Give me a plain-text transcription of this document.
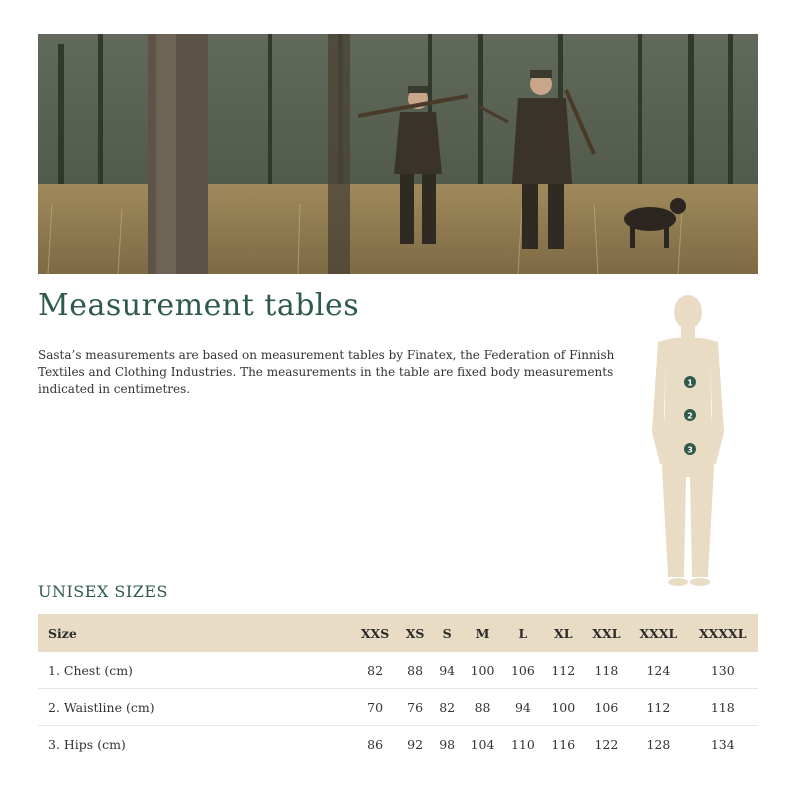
Measurement tables
Sasta’s measurements are based on measurement tables by Finatex, the Federation of Finnish Textiles and Clothing Industries. The measurements in the table are fixed body measurements indicated in centimetres.	1
2
3
UNISEX SIZES
Size	XXS	XS	S	M	L	XL	XXL	XXXL	XXXXL
1. Chest (cm)	82	88	94	100	106	112	118	124	130
2. Waistline (cm)	70	76	82	88	94	100	106	112	118
3. Hips (cm)	86	92	98	104	110	116	122	128	134
